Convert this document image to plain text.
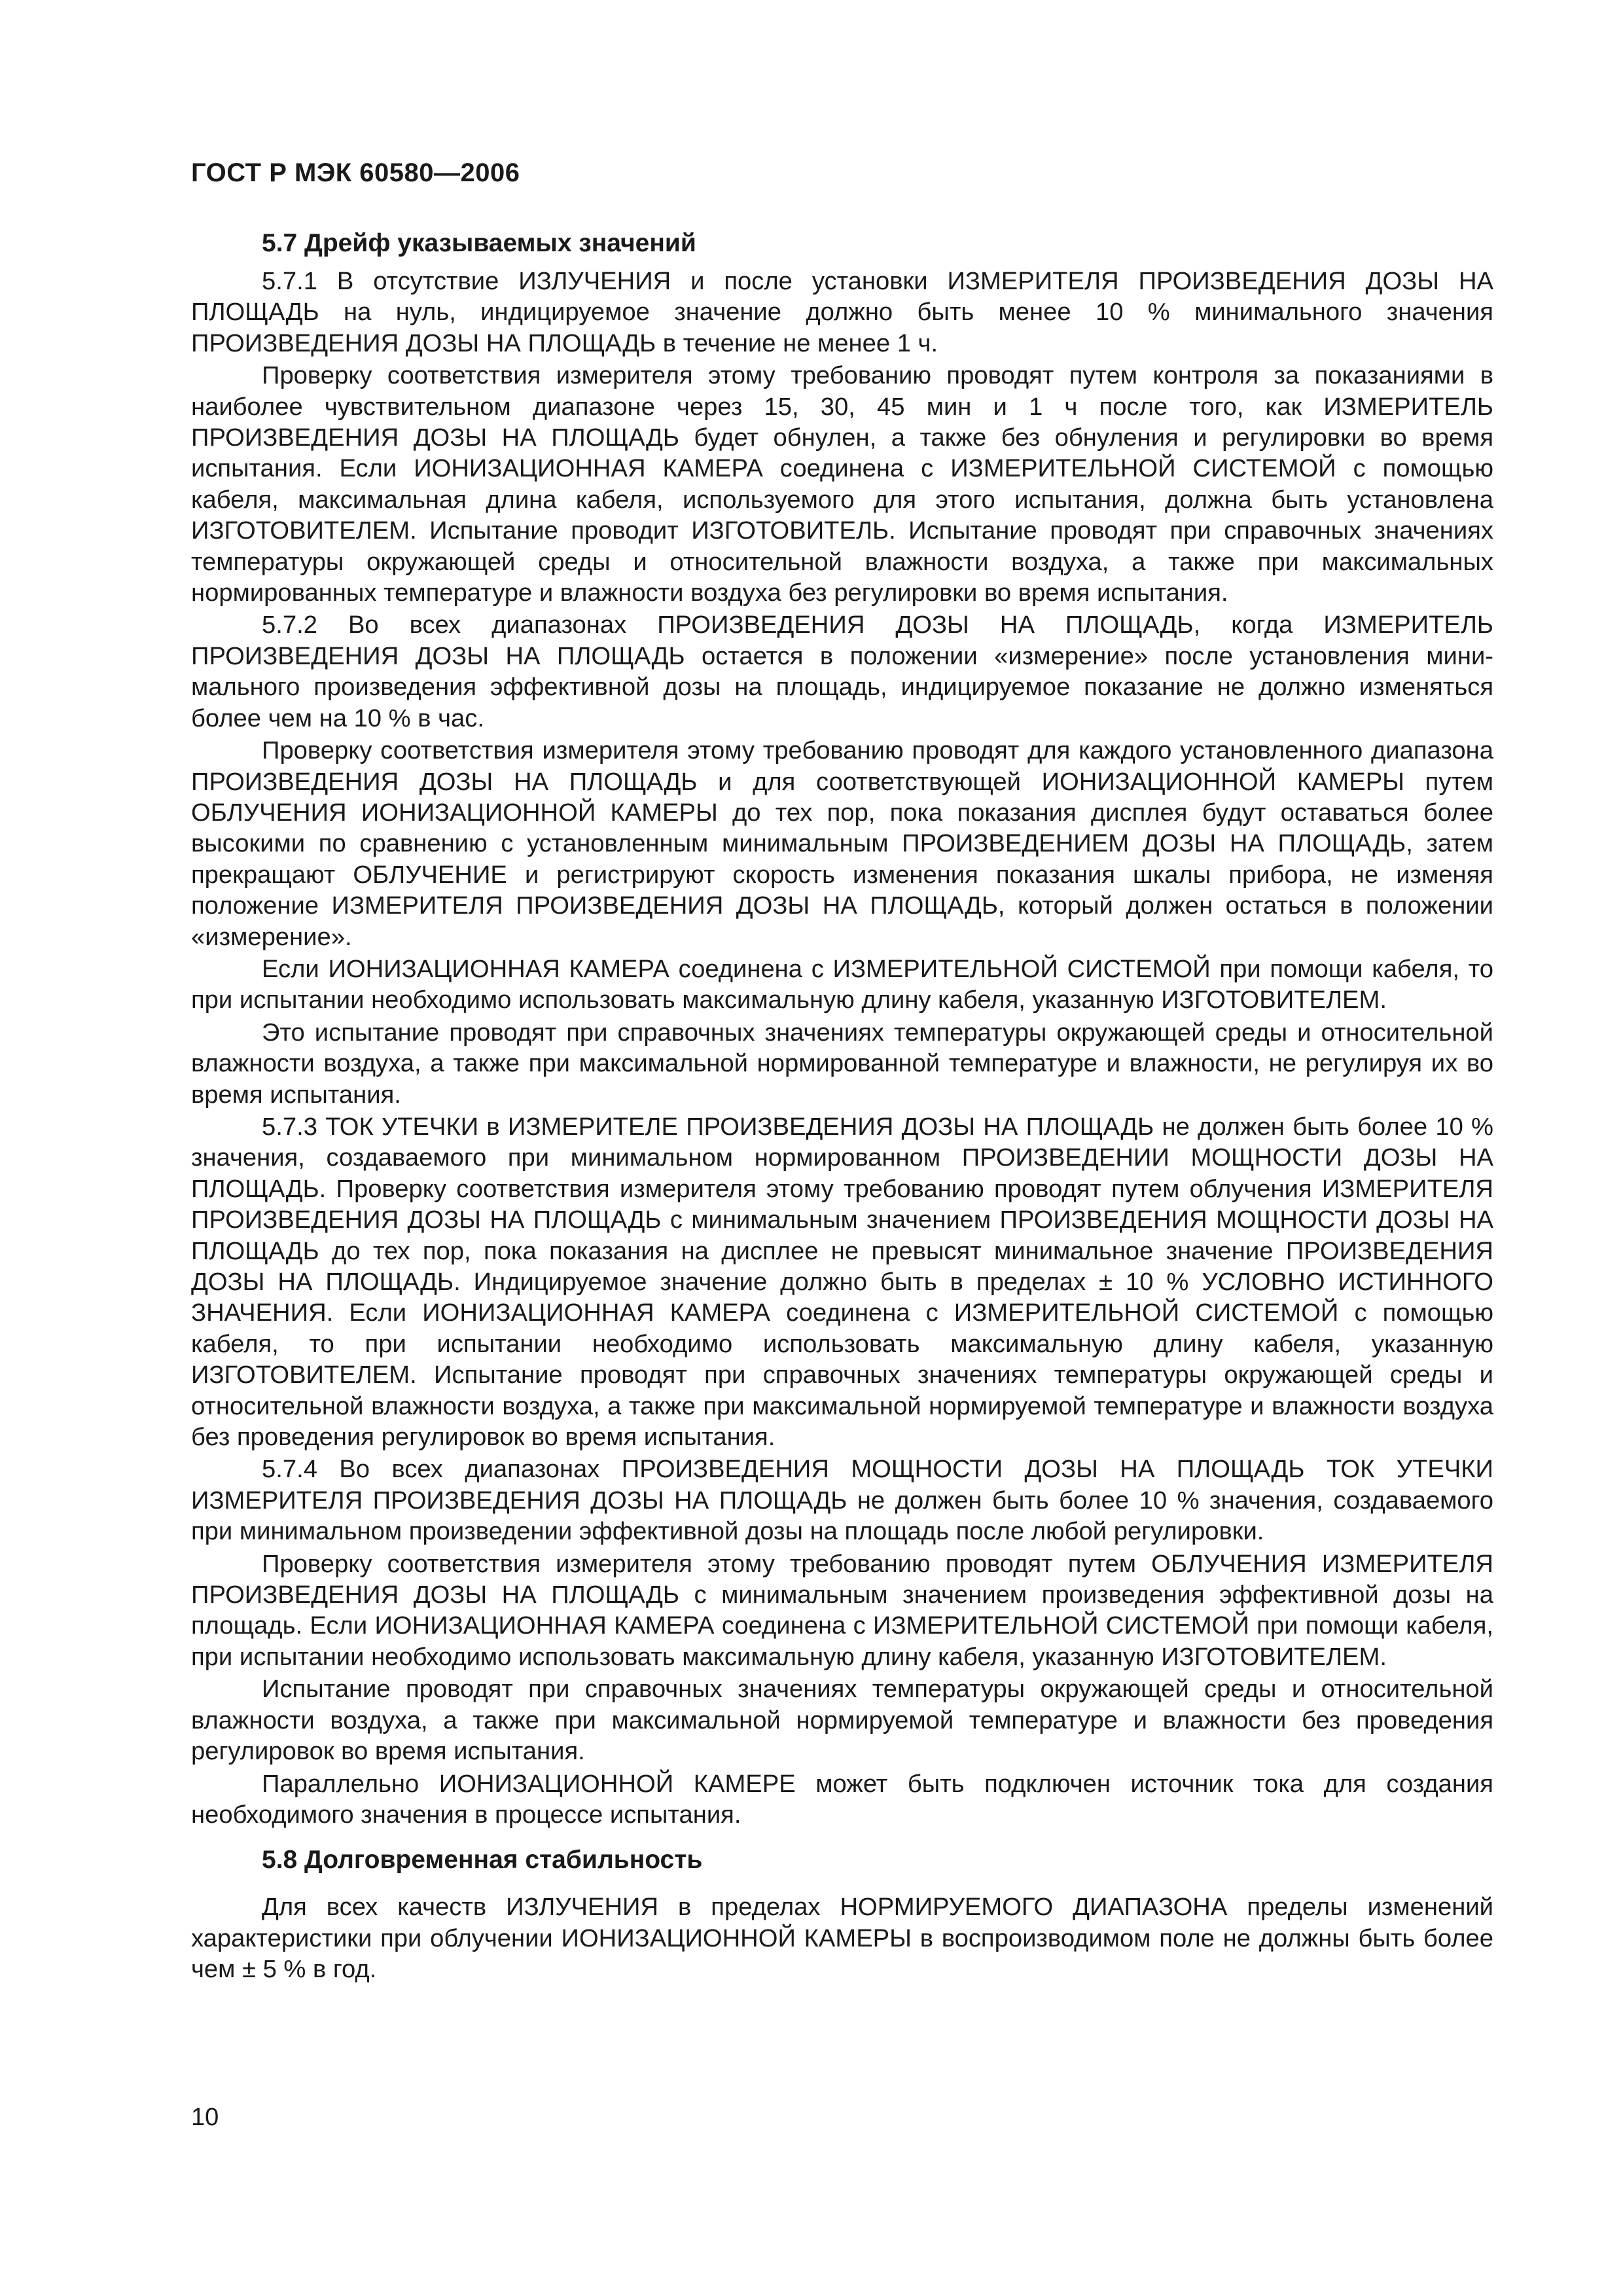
ГОСТ Р МЭК 60580—2006
5.7 Дрейф указываемых значений

5.7.1 В отсутствие ИЗЛУЧЕНИЯ и после установки ИЗМЕРИТЕЛЯ ПРОИЗВЕДЕНИЯ ДОЗЫ НА ПЛОЩАДЬ на нуль, индицируемое значение должно быть менее 10 % минимального значения ПРОИЗВЕДЕНИЯ ДОЗЫ НА ПЛОЩАДЬ в течение не менее 1 ч.

Проверку соответствия измерителя этому требованию проводят путем контроля за показаниями в наиболее чувствительном диапазоне через 15, 30, 45 мин и 1 ч после того, как ИЗМЕРИТЕЛЬ ПРОИЗВЕДЕНИЯ ДОЗЫ НА ПЛОЩАДЬ будет обнулен, а также без обнуления и регулировки во время испытания. Если ИОНИЗАЦИОННАЯ КАМЕРА соединена с ИЗМЕРИТЕЛЬНОЙ СИСТЕМОЙ с помощью кабеля, максимальная длина кабеля, используемого для этого испытания, должна быть установлена ИЗГОТОВИТЕЛЕМ. Испытание проводит ИЗГОТОВИТЕЛЬ. Испытание проводят при справочных значениях температуры окружающей среды и относительной влажности воздуха, а также при максимальных нормированных температуре и влажности воздуха без регулировки во время испытания.

5.7.2 Во всех диапазонах ПРОИЗВЕДЕНИЯ ДОЗЫ НА ПЛОЩАДЬ, когда ИЗМЕРИТЕЛЬ ПРОИЗВЕДЕНИЯ ДОЗЫ НА ПЛОЩАДЬ остается в положении «измерение» после установления минимального произведения эффективной дозы на площадь, индицируемое показание не должно изменяться более чем на 10 % в час.

Проверку соответствия измерителя этому требованию проводят для каждого установленного диапазона ПРОИЗВЕДЕНИЯ ДОЗЫ НА ПЛОЩАДЬ и для соответствующей ИОНИЗАЦИОННОЙ КАМЕРЫ путем ОБЛУЧЕНИЯ ИОНИЗАЦИОННОЙ КАМЕРЫ до тех пор, пока показания дисплея будут оставаться более высокими по сравнению с установленным минимальным ПРОИЗВЕДЕНИЕМ ДОЗЫ НА ПЛОЩАДЬ, затем прекращают ОБЛУЧЕНИЕ и регистрируют скорость изменения показания шкалы прибора, не изменяя положение ИЗМЕРИТЕЛЯ ПРОИЗВЕДЕНИЯ ДОЗЫ НА ПЛОЩАДЬ, который должен остаться в положении «измерение».

Если ИОНИЗАЦИОННАЯ КАМЕРА соединена с ИЗМЕРИТЕЛЬНОЙ СИСТЕМОЙ при помощи кабеля, то при испытании необходимо использовать максимальную длину кабеля, указанную ИЗГОТОВИТЕЛЕМ.

Это испытание проводят при справочных значениях температуры окружающей среды и относительной влажности воздуха, а также при максимальной нормированной температуре и влажности, не регулируя их во время испытания.

5.7.3 ТОК УТЕЧКИ в ИЗМЕРИТЕЛЕ ПРОИЗВЕДЕНИЯ ДОЗЫ НА ПЛОЩАДЬ не должен быть более 10 % значения, создаваемого при минимальном нормированном ПРОИЗВЕДЕНИИ МОЩНОСТИ ДОЗЫ НА ПЛОЩАДЬ. Проверку соответствия измерителя этому требованию проводят путем облучения ИЗМЕРИТЕЛЯ ПРОИЗВЕДЕНИЯ ДОЗЫ НА ПЛОЩАДЬ с минимальным значением ПРОИЗВЕДЕНИЯ МОЩНОСТИ ДОЗЫ НА ПЛОЩАДЬ до тех пор, пока показания на дисплее не превысят минимальное значение ПРОИЗВЕДЕНИЯ ДОЗЫ НА ПЛОЩАДЬ. Индицируемое значение должно быть в пределах ± 10 % УСЛОВНО ИСТИННОГО ЗНАЧЕНИЯ. Если ИОНИЗАЦИОННАЯ КАМЕРА соединена с ИЗМЕРИТЕЛЬНОЙ СИСТЕМОЙ с помощью кабеля, то при испытании необходимо использовать максимальную длину кабеля, указанную ИЗГОТОВИТЕЛЕМ. Испытание проводят при справочных значениях температуры окружающей среды и относительной влажности воздуха, а также при максимальной нормируемой температуре и влажности воздуха без проведения регулировок во время испытания.

5.7.4 Во всех диапазонах ПРОИЗВЕДЕНИЯ МОЩНОСТИ ДОЗЫ НА ПЛОЩАДЬ ТОК УТЕЧКИ ИЗМЕРИТЕЛЯ ПРОИЗВЕДЕНИЯ ДОЗЫ НА ПЛОЩАДЬ не должен быть более 10 % значения, создаваемого при минимальном произведении эффективной дозы на площадь после любой регулировки.

Проверку соответствия измерителя этому требованию проводят путем ОБЛУЧЕНИЯ ИЗМЕРИТЕЛЯ ПРОИЗВЕДЕНИЯ ДОЗЫ НА ПЛОЩАДЬ с минимальным значением произведения эффективной дозы на площадь. Если ИОНИЗАЦИОННАЯ КАМЕРА соединена с ИЗМЕРИТЕЛЬНОЙ СИСТЕМОЙ при помощи кабеля, при испытании необходимо использовать максимальную длину кабеля, указанную ИЗГОТОВИТЕЛЕМ.

Испытание проводят при справочных значениях температуры окружающей среды и относительной влажности воздуха, а также при максимальной нормируемой температуре и влажности без проведения регулировок во время испытания.

Параллельно ИОНИЗАЦИОННОЙ КАМЕРЕ может быть подключен источник тока для создания необходимого значения в процессе испытания.

5.8 Долговременная стабильность

Для всех качеств ИЗЛУЧЕНИЯ в пределах НОРМИРУЕМОГО ДИАПАЗОНА пределы изменений характеристики при облучении ИОНИЗАЦИОННОЙ КАМЕРЫ в воспроизводимом поле не должны быть более чем ± 5 % в год.

10
